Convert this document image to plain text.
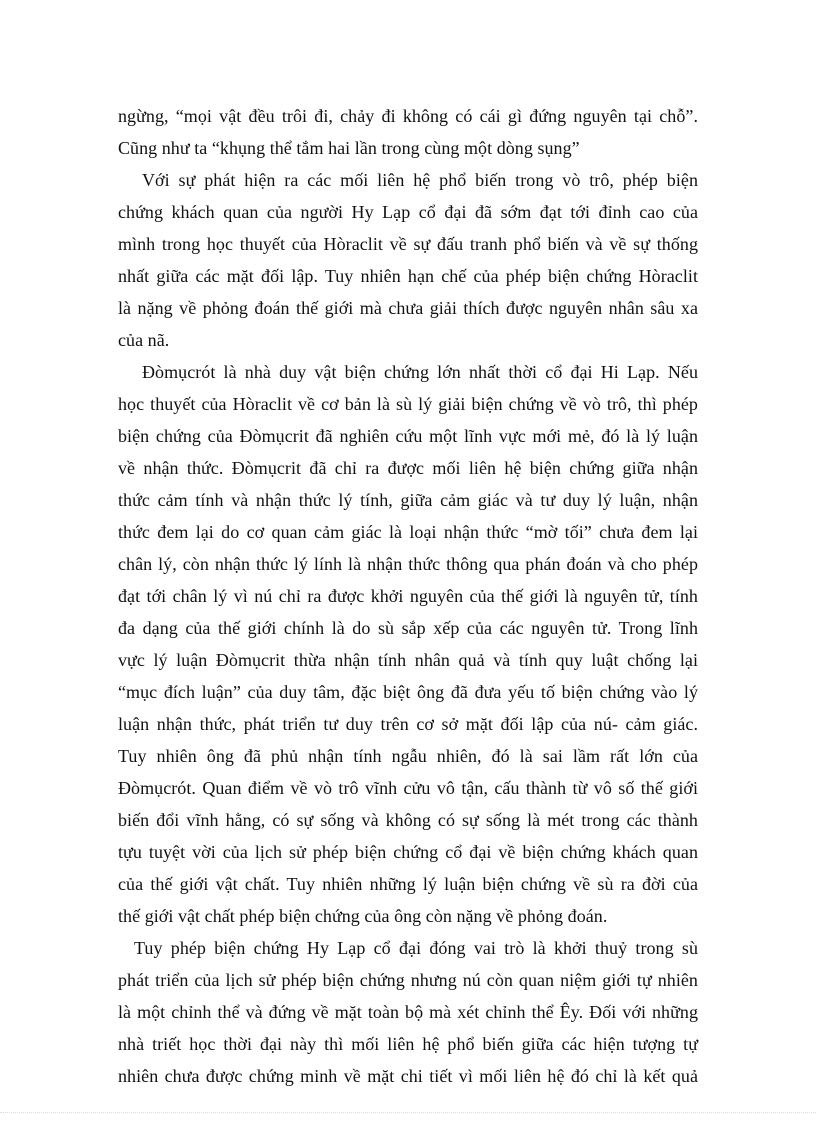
ngừng, “mọi vật đều trôi đi, chảy đi không có cái gì đứng nguyên tại chỗ”.
Cũng như ta “khụng thể tắm hai lần trong cùng một dòng sụng”
Với sự phát hiện ra các mối liên hệ phổ biến trong vò trô, phép biện
chứng khách quan của người Hy Lạp cổ đại đã sớm đạt tới đỉnh cao của
mình trong học thuyết của Hòraclit về sự đấu tranh phổ biến và về sự thống
nhất giữa các mặt đối lập. Tuy nhiên hạn chế của phép biện chứng Hòraclit
là nặng về phỏng đoán thế giới mà chưa giải thích được nguyên nhân sâu xa
của nã.
Đòmụcrót là nhà duy vật biện chứng lớn nhất thời cổ đại Hi Lạp. Nếu
học thuyết của Hòraclit về cơ bản là sù lý giải biện chứng về vò trô, thì phép
biện chứng của Đòmụcrit đã nghiên cứu một lĩnh vực mới mẻ, đó là lý luận
về nhận thức. Đòmụcrit đã chỉ ra được mối liên hệ biện chứng giữa nhận
thức cảm tính và nhận thức lý tính, giữa cảm giác và tư duy lý luận, nhận
thức đem lại do cơ quan cảm giác là loại nhận thức “mờ tối” chưa đem lại
chân lý, còn nhận thức lý lính là nhận thức thông qua phán đoán và cho phép
đạt tới chân lý vì nú chỉ ra được khởi nguyên của thế giới là nguyên tử, tính
đa dạng của thế giới chính là do sù sắp xếp của các nguyên tử. Trong lĩnh
vực lý luận Đòmụcrit thừa nhận tính nhân quả và tính quy luật chống lại
“mục đích luận” của duy tâm, đặc biệt ông đã đưa yếu tố biện chứng vào lý
luận nhận thức, phát triển tư duy trên cơ sở mặt đối lập của nú- cảm giác.
Tuy nhiên ông đã phủ nhận tính ngẫu nhiên, đó là sai lầm rất lớn của
Đòmụcrót. Quan điểm về vò trô vĩnh cửu vô tận, cấu thành từ vô số thế giới
biến đổi vĩnh hằng, có sự sống và không có sự sống là mét trong các thành
tựu tuyệt vời của lịch sử phép biện chứng cổ đại về biện chứng khách quan
của thế giới vật chất. Tuy nhiên những lý luận biện chứng về sù ra đời của
thế giới vật chất phép biện chứng của ông còn nặng về phỏng đoán.
Tuy phép biện chứng Hy Lạp cổ đại đóng vai trò là khởi thuỷ trong sù
phát triển của lịch sử phép biện chứng nhưng nú còn quan niệm giới tự nhiên
là một chỉnh thể và đứng về mặt toàn bộ mà xét chỉnh thể Êy. Đối với những
nhà triết học thời đại này thì mối liên hệ phổ biến giữa các hiện tượng tự
nhiên chưa được chứng minh về mặt chi tiết vì mối liên hệ đó chỉ là kết quả
